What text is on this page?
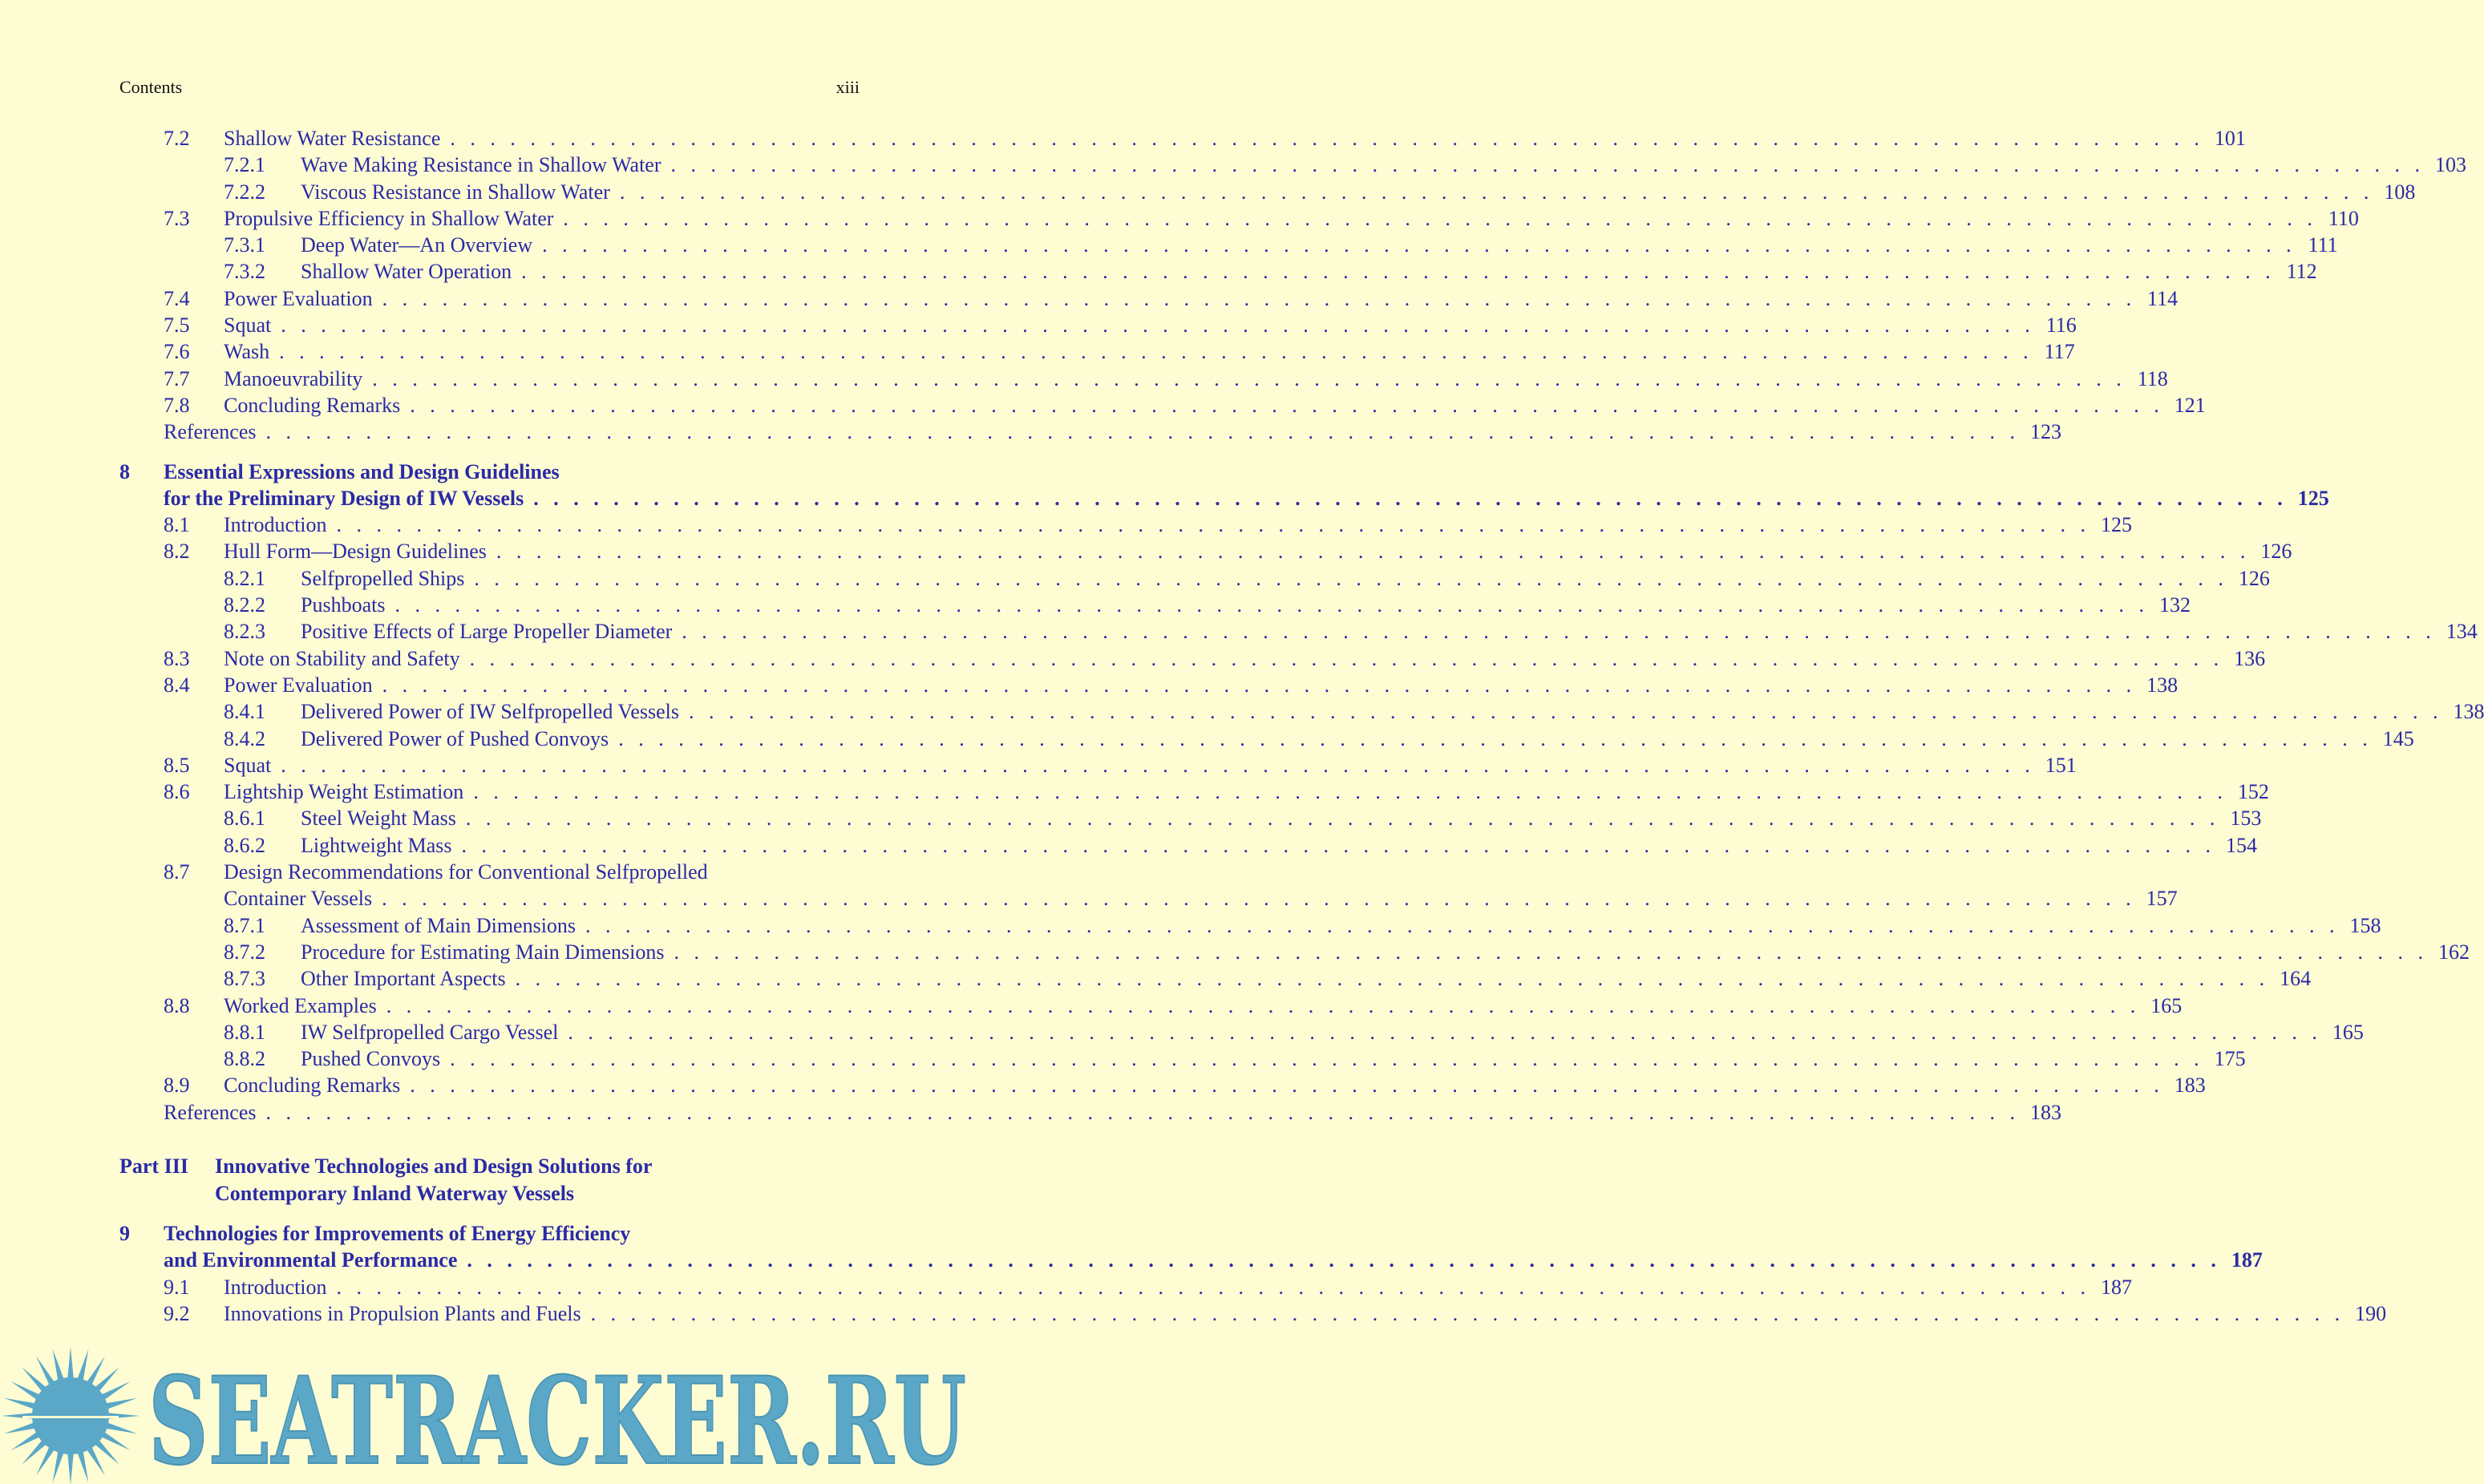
Contents	xiii
7.2	Shallow Water Resistance . . .	101
7.2.1	Wave Making Resistance in Shallow Water . . .	103
7.2.2	Viscous Resistance in Shallow Water . . .	108
7.3	Propulsive Efficiency in Shallow Water . . .	110
7.3.1	Deep Water—An Overview . . .	111
7.3.2	Shallow Water Operation . . .	112
7.4	Power Evaluation . . .	114
7.5	Squat . . .	116
7.6	Wash . . .	117
7.7	Manoeuvrability . . .	118
7.8	Concluding Remarks . . .	121
References . . .	123
8	Essential Expressions and Design Guidelines
for the Preliminary Design of IW Vessels . . .	125
8.1	Introduction . . .	125
8.2	Hull Form—Design Guidelines . . .	126
8.2.1	Selfpropelled Ships . . .	126
8.2.2	Pushboats . . .	132
8.2.3	Positive Effects of Large Propeller Diameter . . .	134
8.3	Note on Stability and Safety . . .	136
8.4	Power Evaluation . . .	138
8.4.1	Delivered Power of IW Selfpropelled Vessels . . .	138
8.4.2	Delivered Power of Pushed Convoys . . .	145
8.5	Squat . . .	151
8.6	Lightship Weight Estimation . . .	152
8.6.1	Steel Weight Mass . . .	153
8.6.2	Lightweight Mass . . .	154
8.7	Design Recommendations for Conventional Selfpropelled
Container Vessels . . .	157
8.7.1	Assessment of Main Dimensions . . .	158
8.7.2	Procedure for Estimating Main Dimensions . . .	162
8.7.3	Other Important Aspects . . .	164
8.8	Worked Examples . . .	165
8.8.1	IW Selfpropelled Cargo Vessel . . .	165
8.8.2	Pushed Convoys . . .	175
8.9	Concluding Remarks . . .	183
References . . .	183
Part III	Innovative Technologies and Design Solutions for
Contemporary Inland Waterway Vessels
9	Technologies for Improvements of Energy Efficiency
and Environmental Performance . . .	187
9.1	Introduction . . .	187
9.2	Innovations in Propulsion Plants and Fuels . . .	190
SEATRACKER.RU
